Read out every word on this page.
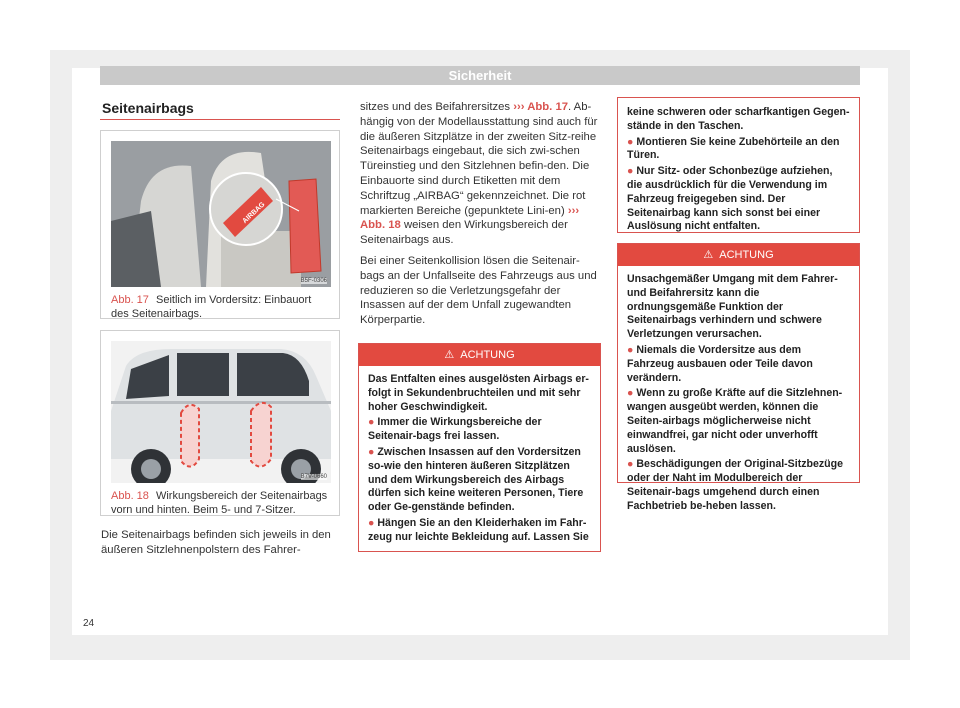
Sicherheit
Seitenairbags
AIRBAG
B5F-0306
Abb. 17 Seitlich im Vordersitz: Einbauort des Seitenairbags.
B7V-0660
Abb. 18 Wirkungsbereich der Seitenairbags vorn und hinten. Beim 5- und 7-Sitzer.

Die Seitenairbags befinden sich jeweils in den äußeren Sitzlehnenpolstern des Fahrer-

sitzes und des Beifahrersitzes ››› Abb. 17. Ab-hängig von der Modellausstattung sind auch für die äußeren Sitzplätze in der zweiten Sitz-reihe Seitenairbags eingebaut, die sich zwi-schen Türeinstieg und den Sitzlehnen befin-den. Die Einbauorte sind durch Etiketten mit dem Schriftzug „AIRBAG“ gekennzeichnet. Die rot markierten Bereiche (gepunktete Lini-en) ››› Abb. 18 weisen den Wirkungsbereich der Seitenairbags aus.

Bei einer Seitenkollision lösen die Seitenair-bags an der Unfallseite des Fahrzeugs aus und reduzieren so die Verletzungsgefahr der Insassen auf der dem Unfall zugewandten Körperpartie.

⚠ ACHTUNG

Das Entfalten eines ausgelösten Airbags er-folgt in Sekundenbruchteilen und mit sehr hoher Geschwindigkeit.

● Immer die Wirkungsbereiche der Seitenair-bags frei lassen.

● Zwischen Insassen auf den Vordersitzen so-wie den hinteren äußeren Sitzplätzen und dem Wirkungsbereich des Airbags dürfen sich keine weiteren Personen, Tiere oder Ge-genstände befinden.

● Hängen Sie an den Kleiderhaken im Fahr-zeug nur leichte Bekleidung auf. Lassen Sie

keine schweren oder scharfkantigen Gegen-stände in den Taschen.

● Montieren Sie keine Zubehörteile an den Türen.

● Nur Sitz- oder Schonbezüge aufziehen, die ausdrücklich für die Verwendung im Fahrzeug freigegeben sind. Der Seitenairbag kann sich sonst bei einer Auslösung nicht entfalten.

⚠ ACHTUNG

Unsachgemäßer Umgang mit dem Fahrer- und Beifahrersitz kann die ordnungsgemäße Funktion der Seitenairbags verhindern und schwere Verletzungen verursachen.

● Niemals die Vordersitze aus dem Fahrzeug ausbauen oder Teile davon verändern.

● Wenn zu große Kräfte auf die Sitzlehnen-wangen ausgeübt werden, können die Seiten-airbags möglicherweise nicht einwandfrei, gar nicht oder unverhofft auslösen.

● Beschädigungen der Original-Sitzbezüge oder der Naht im Modulbereich der Seitenair-bags umgehend durch einen Fachbetrieb be-heben lassen.

24
